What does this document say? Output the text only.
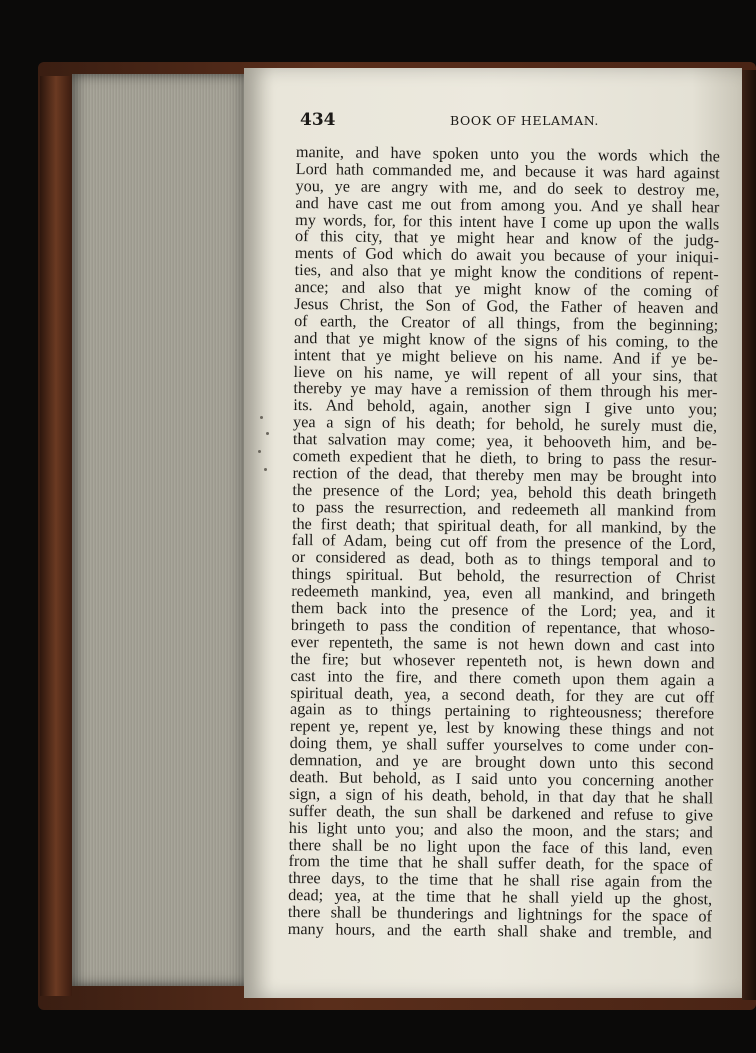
434	BOOK OF HELAMAN.
manite, and have spoken unto you the words which the
Lord hath commanded me, and because it was hard against
you, ye are angry with me, and do seek to destroy me,
and have cast me out from among you. And ye shall hear
my words, for, for this intent have I come up upon the walls
of this city, that ye might hear and know of the judg-
ments of God which do await you because of your iniqui-
ties, and also that ye might know the conditions of repent-
ance; and also that ye might know of the coming of
Jesus Christ, the Son of God, the Father of heaven and
of earth, the Creator of all things, from the beginning;
and that ye might know of the signs of his coming, to the
intent that ye might believe on his name. And if ye be-
lieve on his name, ye will repent of all your sins, that
thereby ye may have a remission of them through his mer-
its. And behold, again, another sign I give unto you;
yea a sign of his death; for behold, he surely must die,
that salvation may come; yea, it behooveth him, and be-
cometh expedient that he dieth, to bring to pass the resur-
rection of the dead, that thereby men may be brought into
the presence of the Lord; yea, behold this death bringeth
to pass the resurrection, and redeemeth all mankind from
the first death; that spiritual death, for all mankind, by the
fall of Adam, being cut off from the presence of the Lord,
or considered as dead, both as to things temporal and to
things spiritual. But behold, the resurrection of Christ
redeemeth mankind, yea, even all mankind, and bringeth
them back into the presence of the Lord; yea, and it
bringeth to pass the condition of repentance, that whoso-
ever repenteth, the same is not hewn down and cast into
the fire; but whosever repenteth not, is hewn down and
cast into the fire, and there cometh upon them again a
spiritual death, yea, a second death, for they are cut off
again as to things pertaining to righteousness; therefore
repent ye, repent ye, lest by knowing these things and not
doing them, ye shall suffer yourselves to come under con-
demnation, and ye are brought down unto this second
death. But behold, as I said unto you concerning another
sign, a sign of his death, behold, in that day that he shall
suffer death, the sun shall be darkened and refuse to give
his light unto you; and also the moon, and the stars; and
there shall be no light upon the face of this land, even
from the time that he shall suffer death, for the space of
three days, to the time that he shall rise again from the
dead; yea, at the time that he shall yield up the ghost,
there shall be thunderings and lightnings for the space of
many hours, and the earth shall shake and tremble, and
